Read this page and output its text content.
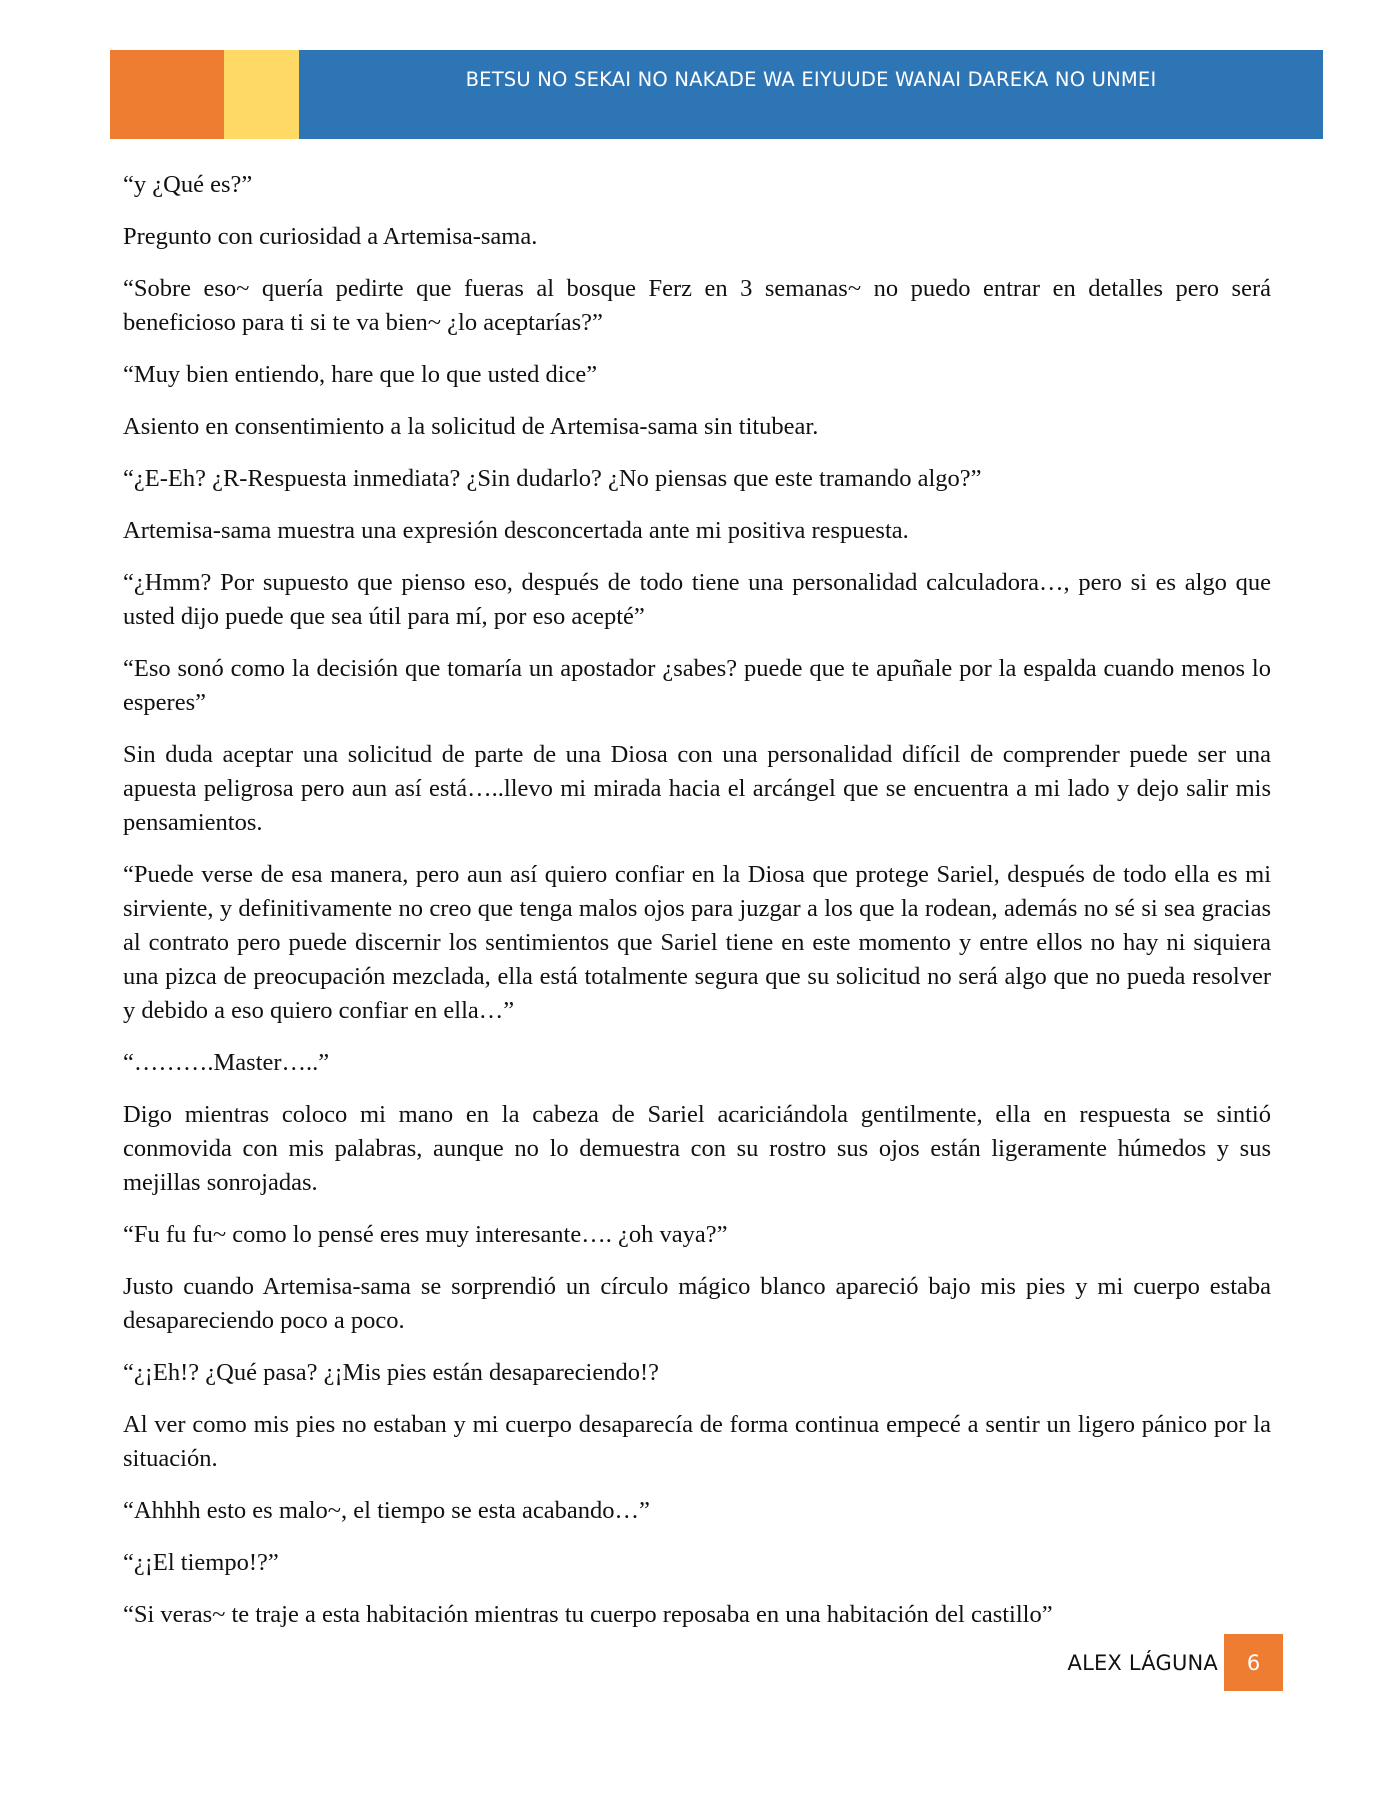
BETSU NO SEKAI NO NAKADE WA EIYUUDE WANAI DAREKA NO UNMEI

“y ¿Qué es?”

Pregunto con curiosidad a Artemisa-sama.

“Sobre eso~ quería pedirte que fueras al bosque Ferz en 3 semanas~ no puedo entrar en detalles pero será beneficioso para ti si te va bien~ ¿lo aceptarías?”

“Muy bien entiendo, hare que lo que usted dice”

Asiento en consentimiento a la solicitud de Artemisa-sama sin titubear.

“¿E-Eh? ¿R-Respuesta inmediata? ¿Sin dudarlo? ¿No piensas que este tramando algo?”

Artemisa-sama muestra una expresión desconcertada ante mi positiva respuesta.

“¿Hmm? Por supuesto que pienso eso, después de todo tiene una personalidad calculadora…, pero si es algo que usted dijo puede que sea útil para mí, por eso acepté”

“Eso sonó como la decisión que tomaría un apostador ¿sabes? puede que te apuñale por la espalda cuando menos lo esperes”

Sin duda aceptar una solicitud de parte de una Diosa con una personalidad difícil de comprender puede ser una apuesta peligrosa pero aun así está…..llevo mi mirada hacia el arcángel que se encuentra a mi lado y dejo salir mis pensamientos.

“Puede verse de esa manera, pero aun así quiero confiar en la Diosa que protege Sariel, después de todo ella es mi sirviente, y definitivamente no creo que tenga malos ojos para juzgar a los que la rodean, además no sé si sea gracias al contrato pero puede discernir los sentimientos que Sariel tiene en este momento y entre ellos no hay ni siquiera una pizca de preocupación mezclada, ella está totalmente segura que su solicitud no será algo que no pueda resolver y debido a eso quiero confiar en ella…”

“……….Master…..”

Digo mientras coloco mi mano en la cabeza de Sariel acariciándola gentilmente, ella en respuesta se sintió conmovida con mis palabras, aunque no lo demuestra con su rostro sus ojos están ligeramente húmedos y sus mejillas sonrojadas.

“Fu fu fu~ como lo pensé eres muy interesante…. ¿oh vaya?”

Justo cuando Artemisa-sama se sorprendió un círculo mágico blanco apareció bajo mis pies y mi cuerpo estaba desapareciendo poco a poco.

“¿¡Eh!? ¿Qué pasa? ¿¡Mis pies están desapareciendo!?

Al ver como mis pies no estaban y mi cuerpo desaparecía de forma continua empecé a sentir un ligero pánico por la situación.

“Ahhhh esto es malo~, el tiempo se esta acabando…”

“¿¡El tiempo!?”

“Si veras~ te traje a esta habitación mientras tu cuerpo reposaba en una habitación del castillo”

ALEX LÁGUNA	6
